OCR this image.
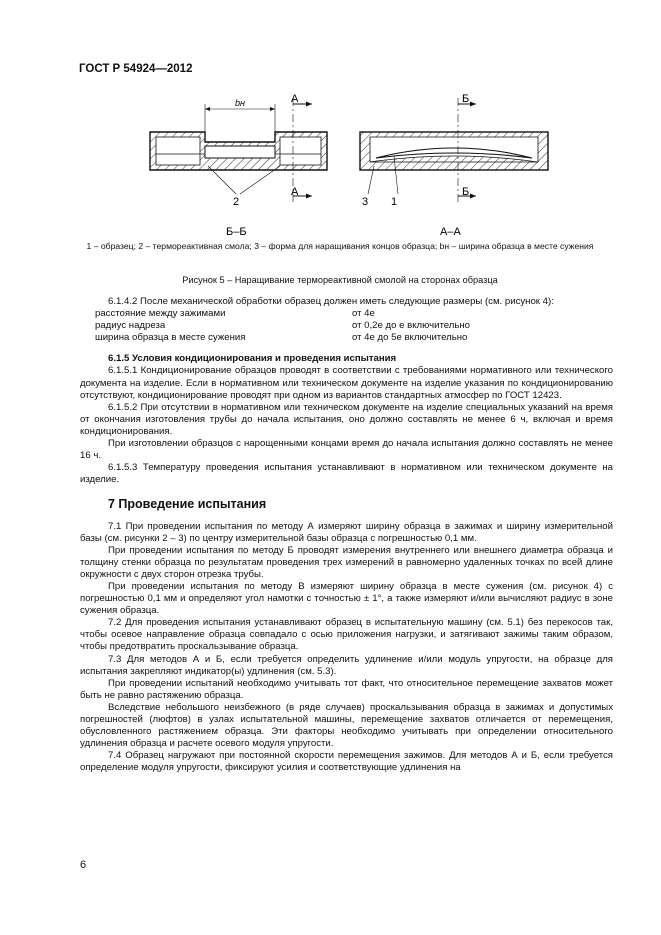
ГОСТ Р 54924—2012
bн	А
А
2
Б–Б
Б
Б
3 1
А–А
1 – образец; 2 – термореактивная смола; 3 – форма для наращивания концов образца; bн – ширина образца в месте сужения
Рисунок 5 – Наращивание термореактивной смолой на сторонах образца

6.1.4.2 После механической обработки образец должен иметь следующие размеры (см. рисунок 4):

расстояние между зажимами	от 4e
радиус надреза	от 0,2e до e включительно
ширина образца в месте сужения	от 4e до 5e включительно

6.1.5 Условия кондиционирования и проведения испытания

6.1.5.1 Кондиционирование образцов проводят в соответствии с требованиями нормативного или технического документа на изделие. Если в нормативном или техническом документе на изделие указания по кондиционированию отсутствуют, кондиционирование проводят при одном из вариантов стандартных атмосфер по ГОСТ 12423.

6.1.5.2 При отсутствии в нормативном или техническом документе на изделие специальных указаний на время от окончания изготовления трубы до начала испытания, оно должно составлять не менее 6 ч, включая и время кондиционирования.

При изготовлении образцов с нарощенными концами время до начала испытания должно составлять не менее 16 ч.

6.1.5.3 Температуру проведения испытания устанавливают в нормативном или техническом документе на изделие.

7 Проведение испытания

7.1 При проведении испытания по методу А измеряют ширину образца в зажимах и ширину измерительной базы (см. рисунки 2 – 3) по центру измерительной базы образца с погрешностью 0,1 мм.

При проведении испытания по методу Б проводят измерения внутреннего или внешнего диаметра образца и толщину стенки образца по результатам проведения трех измерений в равномерно удаленных точках по всей длине окружности с двух сторон отрезка трубы.

При проведении испытания по методу В измеряют ширину образца в месте сужения (см. рисунок 4) с погрешностью 0,1 мм и определяют угол намотки с точностью ± 1°, а также измеряют и/или вычисляют радиус в зоне сужения образца.

7.2 Для проведения испытания устанавливают образец в испытательную машину (см. 5.1) без перекосов так, чтобы осевое направление образца совпадало с осью приложения нагрузки, и затягивают зажимы таким образом, чтобы предотвратить проскальзывание образца.

7.3 Для методов А и Б, если требуется определить удлинение и/или модуль упругости, на образце для испытания закрепляют индикатор(ы) удлинения (см. 5.3).

При проведении испытаний необходимо учитывать тот факт, что относительное перемещение захватов может быть не равно растяжению образца.

Вследствие небольшого неизбежного (в ряде случаев) проскальзывания образца в зажимах и допустимых погрешностей (люфтов) в узлах испытательной машины, перемещение захватов отличается от перемещения, обусловленного растяжением образца. Эти факторы необходимо учитывать при определении относительного удлинения образца и расчете осевого модуля упругости.

7.4 Образец нагружают при постоянной скорости перемещения зажимов. Для методов А и Б, если требуется определение модуля упругости, фиксируют усилия и соответствующие удлинения на

6
